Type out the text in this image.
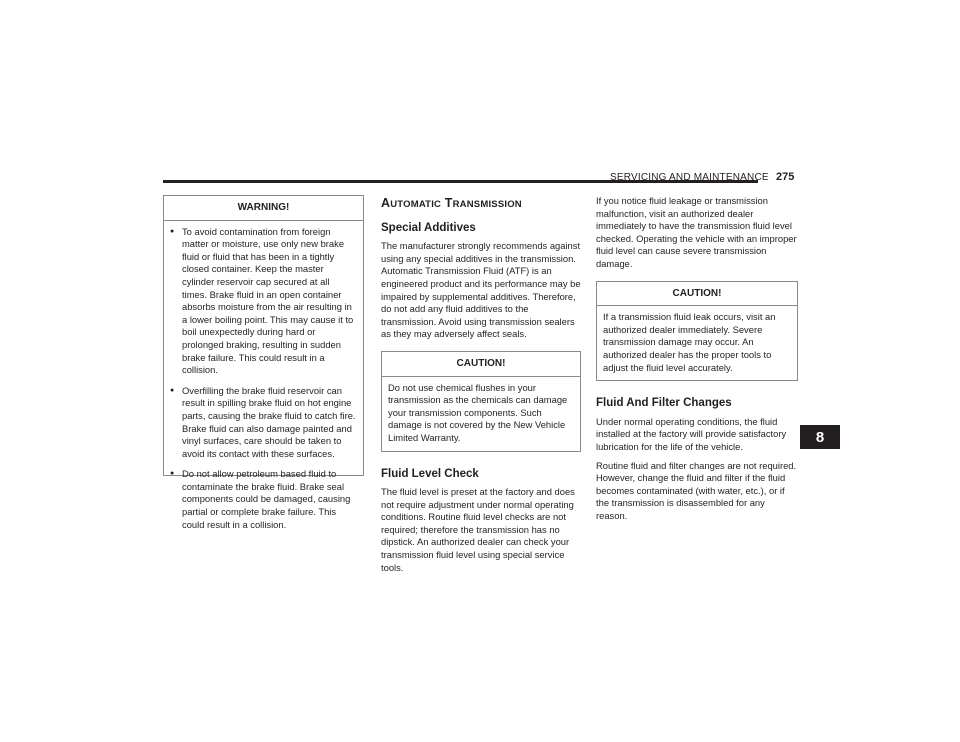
SERVICING AND MAINTENANCE 275
WARNING!
● To avoid contamination from foreign matter or moisture, use only new brake fluid or fluid that has been in a tightly closed container. Keep the master cylinder reservoir cap secured at all times. Brake fluid in an open container absorbs moisture from the air resulting in a lower boiling point. This may cause it to boil unexpectedly during hard or prolonged braking, resulting in sudden brake failure. This could result in a collision.

● Overfilling the brake fluid reservoir can result in spilling brake fluid on hot engine parts, causing the brake fluid to catch fire. Brake fluid can also damage painted and vinyl surfaces, care should be taken to avoid its contact with these surfaces.

● Do not allow petroleum based fluid to contaminate the brake fluid. Brake seal components could be damaged, causing partial or complete brake failure. This could result in a collision.

AUTOMATIC TRANSMISSION
Special Additives

The manufacturer strongly recommends against using any special additives in the transmission. Automatic Transmission Fluid (ATF) is an engineered product and its performance may be impaired by supplemental additives. Therefore, do not add any fluid additives to the transmission. Avoid using transmission sealers as they may adversely affect seals.

CAUTION!

Do not use chemical flushes in your transmission as the chemicals can damage your transmission components. Such damage is not covered by the New Vehicle Limited Warranty.

Fluid Level Check

The fluid level is preset at the factory and does not require adjustment under normal operating conditions. Routine fluid level checks are not required; therefore the transmission has no dipstick. An authorized dealer can check your transmission fluid level using special service tools.

If you notice fluid leakage or transmission malfunction, visit an authorized dealer immediately to have the transmission fluid level checked. Operating the vehicle with an improper fluid level can cause severe transmission damage.

CAUTION!

If a transmission fluid leak occurs, visit an authorized dealer immediately. Severe transmission damage may occur. An authorized dealer has the proper tools to adjust the fluid level accurately.

Fluid And Filter Changes

Under normal operating conditions, the fluid installed at the factory will provide satisfactory lubrication for the life of the vehicle.

Routine fluid and filter changes are not required. However, change the fluid and filter if the fluid becomes contaminated (with water, etc.), or if the transmission is disassembled for any reason.

8
